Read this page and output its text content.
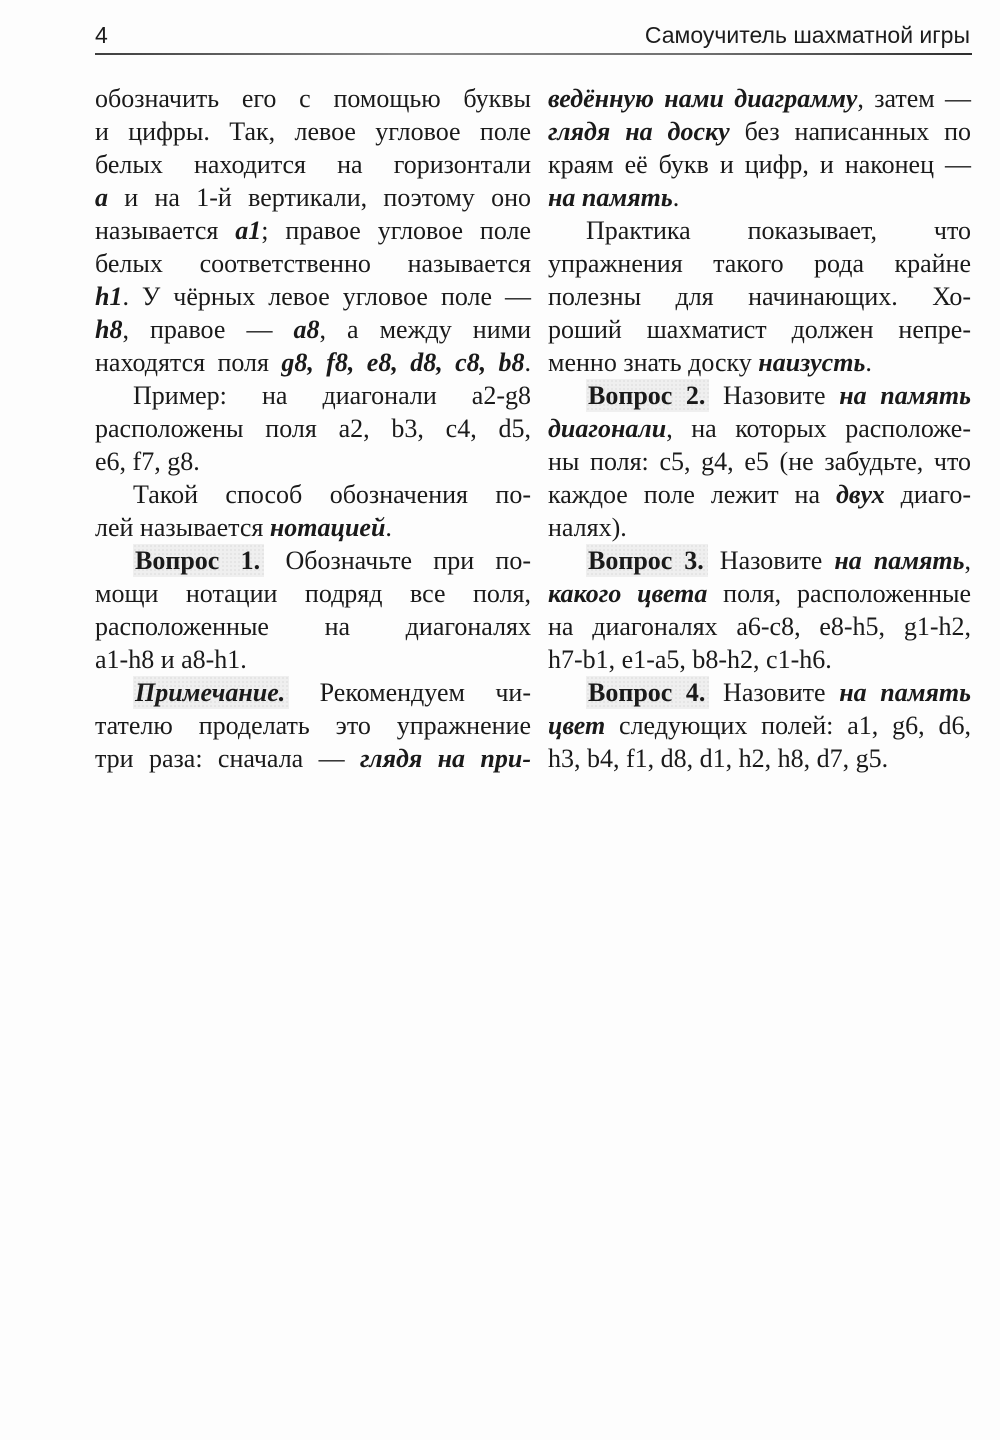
4	Самоучитель шахматной игры
обозначить его с помощью буквы
и цифры. Так, левое угловое поле
белых находится на горизонтали
a и на 1-й вертикали, поэтому оно
называется a1; правое угловое поле
белых соответственно называется
h1. У чёрных левое угловое поле —
h8, правое — a8, а между ними
находятся поля g8, f8, e8, d8, c8, b8.
Пример: на диагонали a2-g8
расположены поля a2, b3, c4, d5,
e6, f7, g8.
Такой способ обозначения по-
лей называется нотацией.
Вопрос 1. Обозначьте при по-
мощи нотации подряд все поля,
расположенные на диагоналях
a1-h8 и a8-h1.
Примечание. Рекомендуем чи-
тателю проделать это упражнение
три раза: сначала — глядя на при-
ведённую нами диаграмму, затем —
глядя на доску без написанных по
краям её букв и цифр, и наконец —
на память.
Практика показывает, что
упражнения такого рода крайне
полезны для начинающих. Хо-
роший шахматист должен непре-
менно знать доску наизусть.
Вопрос 2. Назовите на память
диагонали, на которых расположе-
ны поля: c5, g4, e5 (не забудьте, что
каждое поле лежит на двух диаго-
налях).
Вопрос 3. Назовите на память,
какого цвета поля, расположенные
на диагоналях a6-c8, e8-h5, g1-h2,
h7-b1, e1-a5, b8-h2, c1-h6.
Вопрос 4. Назовите на память
цвет следующих полей: a1, g6, d6,
h3, b4, f1, d8, d1, h2, h8, d7, g5.
